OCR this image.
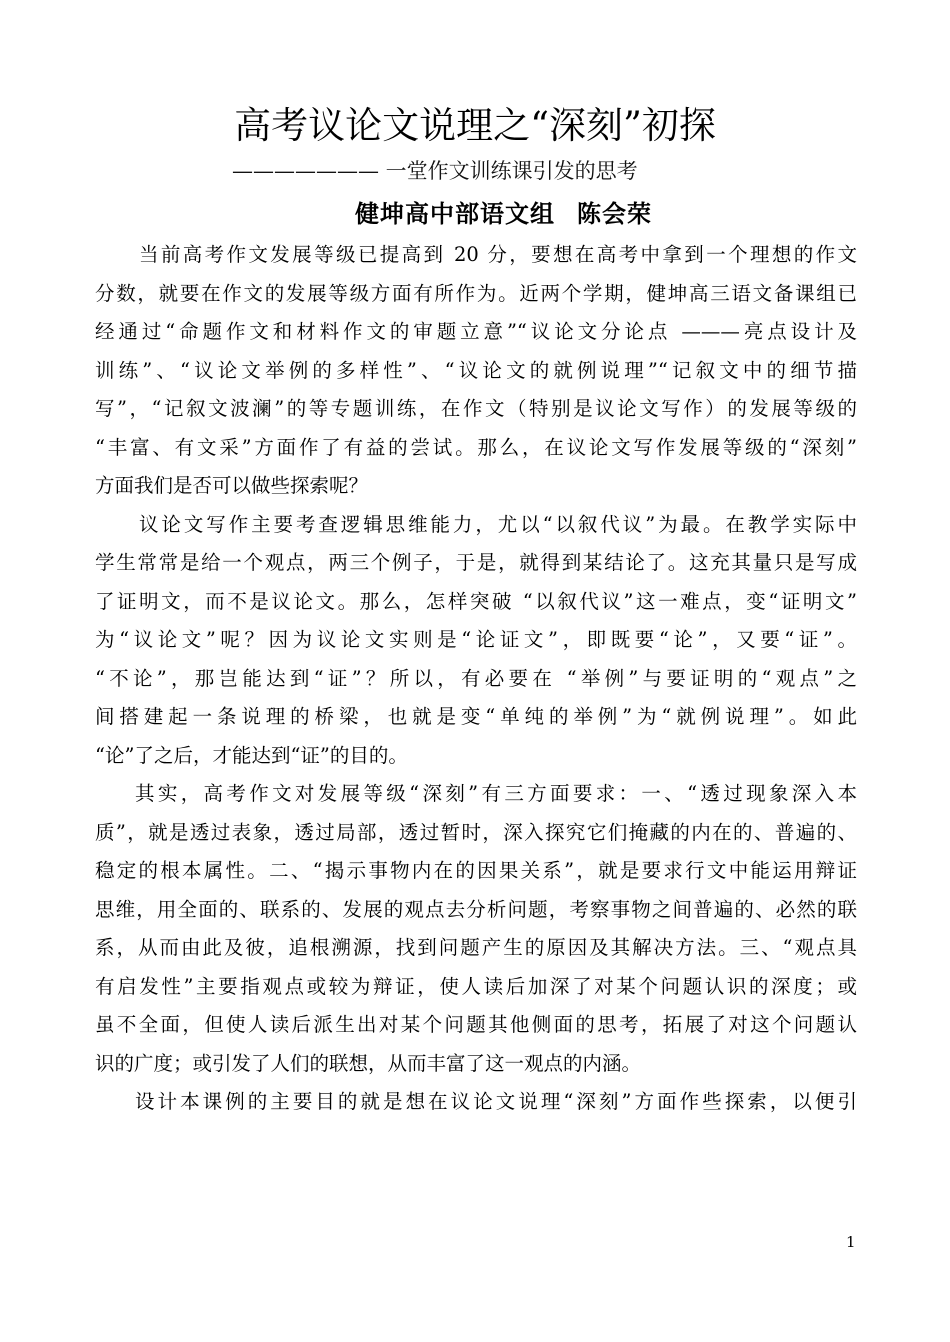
高考议论文说理之“深刻”初探
——————— 一堂作文训练课引发的思考
健坤高中部语文组 陈会荣
当前高考作文发展等级已提高到 20 分，要想在高考中拿到一个理想的作文
分数，就要在作文的发展等级方面有所作为。近两个学期，健坤高三语文备课组已
经通过“命题作文和材料作文的审题立意”“议论文分论点 ———亮点设计及
训练”、“议论文举例的多样性”、“议论文的就例说理”“记叙文中的细节描
写”，“记叙文波澜”的等专题训练，在作文（特别是议论文写作）的发展等级的
“丰富、有文采”方面作了有益的尝试。那么，在议论文写作发展等级的“深刻”
方面我们是否可以做些探索呢？
议论文写作主要考查逻辑思维能力，尤以“以叙代议”为最。在教学实际中
学生常常是给一个观点，两三个例子，于是，就得到某结论了。这充其量只是写成
了证明文，而不是议论文。那么，怎样突破 “以叙代议”这一难点，变“证明文”
为“议论文”呢？因为议论文实则是“论证文”，即既要“论”，又要“证”。
“不论”，那岂能达到“证”？所以，有必要在 “举例”与要证明的“观点”之
间搭建起一条说理的桥梁，也就是变“单纯的举例”为“就例说理”。如此
“论”了之后，才能达到“证”的目的。
其实，高考作文对发展等级“深刻”有三方面要求：一、“透过现象深入本
质”，就是透过表象，透过局部，透过暂时，深入探究它们掩藏的内在的、普遍的、
稳定的根本属性。二、“揭示事物内在的因果关系”，就是要求行文中能运用辩证
思维，用全面的、联系的、发展的观点去分析问题，考察事物之间普遍的、必然的联
系，从而由此及彼，追根溯源，找到问题产生的原因及其解决方法。三、“观点具
有启发性”主要指观点或较为辩证，使人读后加深了对某个问题认识的深度；或
虽不全面，但使人读后派生出对某个问题其他侧面的思考，拓展了对这个问题认
识的广度；或引发了人们的联想，从而丰富了这一观点的内涵。
设计本课例的主要目的就是想在议论文说理“深刻”方面作些探索，以便引
1
